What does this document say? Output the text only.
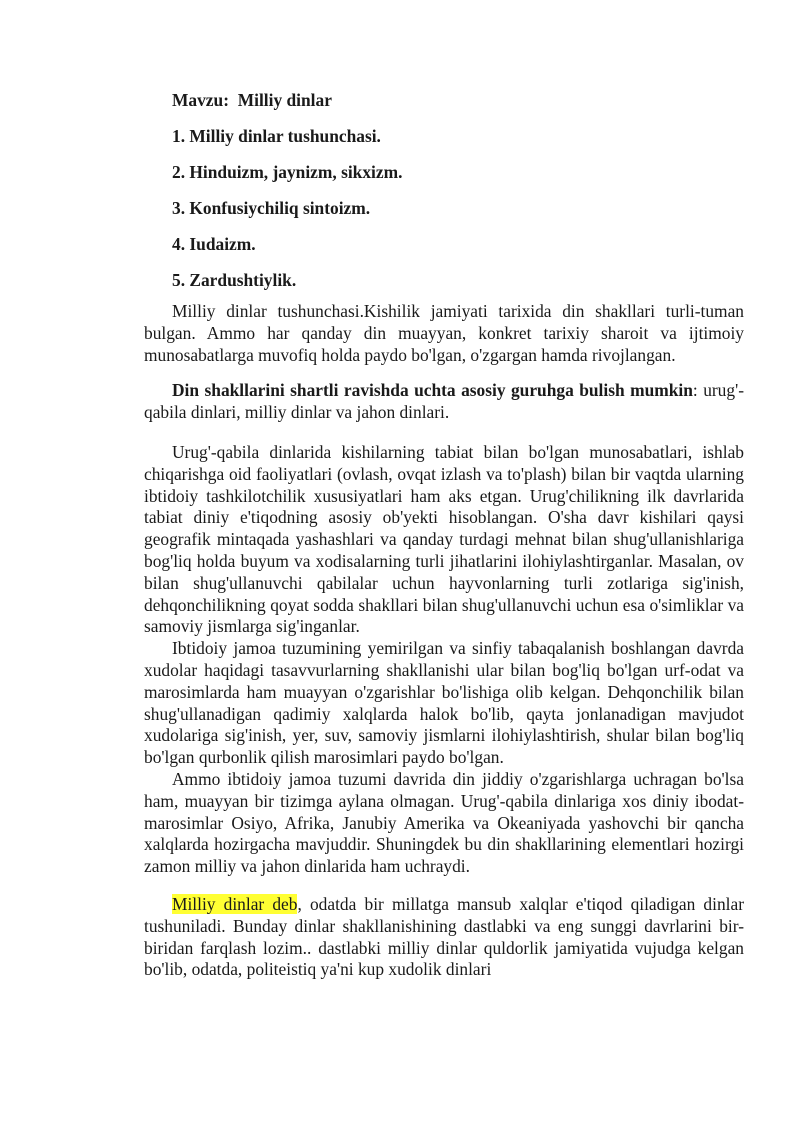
Mavzu: Milliy dinlar
1. Milliy dinlar tushunchasi.
2. Hinduizm, jaynizm, sikxizm.
3. Konfusiychiliq sintoizm.
4. Iudaizm.
5. Zardushtiylik.

Milliy dinlar tushunchasi.Kishilik jamiyati tarixida din shakllari turli-tuman bulgan. Ammo har qanday din muayyan, konkret tarixiy sharoit va ijtimoiy munosabatlarga muvofiq holda paydo bo'lgan, o'zgargan hamda rivojlangan.

Din shakllarini shartli ravishda uchta asosiy guruhga bulish mumkin: urug'-qabila dinlari, milliy dinlar va jahon dinlari.

Urug'-qabila dinlarida kishilarning tabiat bilan bo'lgan munosabatlari, ishlab chiqarishga oid faoliyatlari (ovlash, ovqat izlash va to'plash) bilan bir vaqtda ularning ibtidoiy tashkilotchilik xususiyatlari ham aks etgan. Urug'chilikning ilk davrlarida tabiat diniy e'tiqodning asosiy ob'yekti hisoblangan. O'sha davr kishilari qaysi geografik mintaqada yashashlari va qanday turdagi mehnat bilan shug'ullanishlariga bog'liq holda buyum va xodisalarning turli jihatlarini ilohiylashtirganlar. Masalan, ov bilan shug'ullanuvchi qabilalar uchun hayvonlarning turli zotlariga sig'inish, dehqonchilikning qoyat sodda shakllari bilan shug'ullanuvchi uchun esa o'simliklar va samoviy jismlarga sig'inganlar.

Ibtidoiy jamoa tuzumining yemirilgan va sinfiy tabaqalanish boshlangan davrda xudolar haqidagi tasavvurlarning shakllanishi ular bilan bog'liq bo'lgan urf-odat va marosimlarda ham muayyan o'zgarishlar bo'lishiga olib kelgan. Dehqonchilik bilan shug'ullanadigan qadimiy xalqlarda halok bo'lib, qayta jonlanadigan mavjudot xudolariga sig'inish, yer, suv, samoviy jismlarni ilohiylashtirish, shular bilan bog'liq bo'lgan qurbonlik qilish marosimlari paydo bo'lgan.

Ammo ibtidoiy jamoa tuzumi davrida din jiddiy o'zgarishlarga uchragan bo'lsa ham, muayyan bir tizimga aylana olmagan. Urug'-qabila dinlariga xos diniy ibodat-marosimlar Osiyo, Afrika, Janubiy Amerika va Okeaniyada yashovchi bir qancha xalqlarda hozirgacha mavjuddir. Shuningdek bu din shakllarining elementlari hozirgi zamon milliy va jahon dinlarida ham uchraydi.

Milliy dinlar deb, odatda bir millatga mansub xalqlar e'tiqod qiladigan dinlar tushuniladi. Bunday dinlar shakllanishining dastlabki va eng sunggi davrlarini bir-biridan farqlash lozim.. dastlabki milliy dinlar quldorlik jamiyatida vujudga kelgan bo'lib, odatda, politeistiq ya'ni kup xudolik dinlari
